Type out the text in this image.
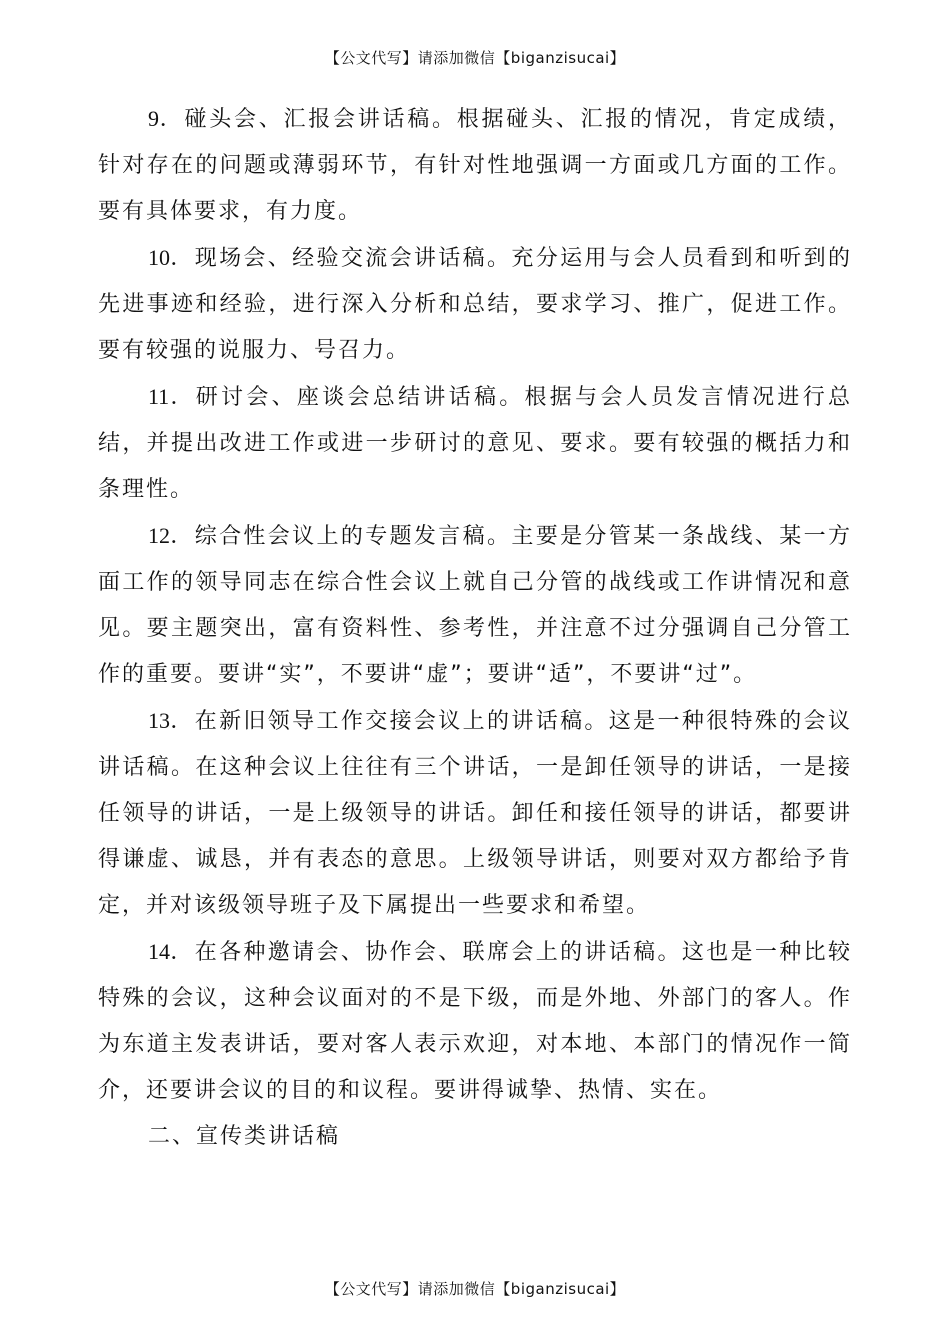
【公文代写】请添加微信【biganzisucai】

9．碰头会、汇报会讲话稿。根据碰头、汇报的情况，肯定成绩，针对存在的问题或薄弱环节，有针对性地强调一方面或几方面的工作。要有具体要求，有力度。

10．现场会、经验交流会讲话稿。充分运用与会人员看到和听到的先进事迹和经验，进行深入分析和总结，要求学习、推广，促进工作。要有较强的说服力、号召力。

11．研讨会、座谈会总结讲话稿。根据与会人员发言情况进行总结，并提出改进工作或进一步研讨的意见、要求。要有较强的概括力和条理性。

12．综合性会议上的专题发言稿。主要是分管某一条战线、某一方面工作的领导同志在综合性会议上就自己分管的战线或工作讲情况和意见。要主题突出，富有资料性、参考性，并注意不过分强调自己分管工作的重要。要讲“实”，不要讲“虚”；要讲“适”，不要讲“过”。

13．在新旧领导工作交接会议上的讲话稿。这是一种很特殊的会议讲话稿。在这种会议上往往有三个讲话，一是卸任领导的讲话，一是接任领导的讲话，一是上级领导的讲话。卸任和接任领导的讲话，都要讲得谦虚、诚恳，并有表态的意思。上级领导讲话，则要对双方都给予肯定，并对该级领导班子及下属提出一些要求和希望。

14．在各种邀请会、协作会、联席会上的讲话稿。这也是一种比较特殊的会议，这种会议面对的不是下级，而是外地、外部门的客人。作为东道主发表讲话，要对客人表示欢迎，对本地、本部门的情况作一简介，还要讲会议的目的和议程。要讲得诚挚、热情、实在。

二、宣传类讲话稿

【公文代写】请添加微信【biganzisucai】
